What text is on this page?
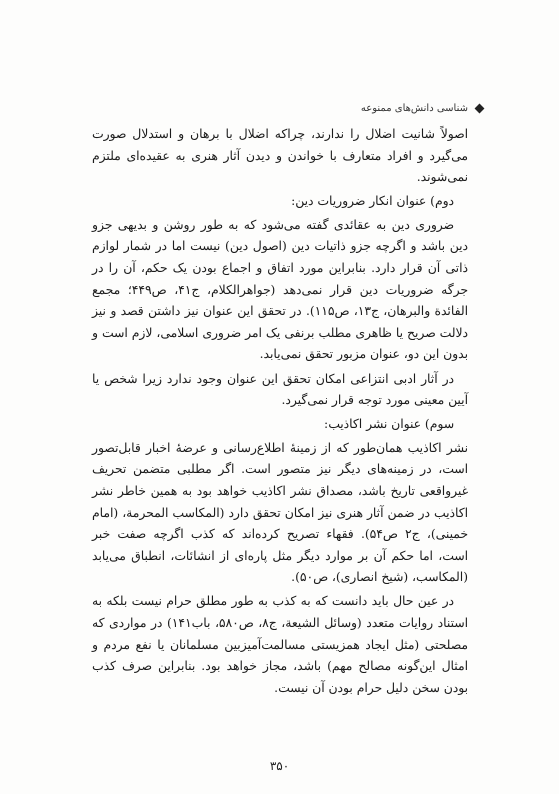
شناسی دانش‌های ممنوعه

اصولاً شانیت اضلال را ندارند، چراکه اضلال با برهان و استدلال صورت می‌گیرد و افراد متعارف با خواندن و دیدن آثار هنری به عقیده‌ای ملتزم نمی‌شوند.

دوم) عنوان انکار ضروریات دین:

ضروری دین به عقائدی گفته می‌شود که به طور روشن و بدیهی جزو دین باشد و اگرچه جزو ذاتیات دین (اصول دین) نیست اما در شمار لوازم ذاتی آن قرار دارد. بنابراین مورد اتفاق و اجماع بودن یک حکم، آن را در جرگه ضروریات دین قرار نمی‌دهد (جواهرالکلام، ج۴۱، ص۴۴۹؛ مجمع الفائدة والبرهان، ج۱۳، ص۱۱۵). در تحقق این عنوان نیز داشتن قصد و نیز دلالت صریح یا ظاهری مطلب برنفی یک امر ضروری اسلامی، لازم است و بدون این دو، عنوان مزبور تحقق نمی‌یابد.

در آثار ادبی انتزاعی امکان تحقق این عنوان وجود ندارد زیرا شخص یا آیین معینی مورد توجه قرار نمی‌گیرد.

سوم) عنوان نشر اکاذیب:

نشر اکاذیب همان‌طور که از زمینهٔ اطلاع‌رسانی و عرضهٔ اخبار قابل‌تصور است، در زمینه‌های دیگر نیز متصور است. اگر مطلبی متضمن تحریف غیرواقعی تاریخ باشد، مصداق نشر اکاذیب خواهد بود به همین خاطر نشر اکاذیب در ضمن آثار هنری نیز امکان تحقق دارد (المکاسب المحرمة، (امام خمینی)، ج۲ ص۵۴). فقهاء تصریح کرده‌اند که کذب اگرچه صفت خبر است، اما حکم آن بر موارد دیگر مثل پاره‌ای از انشائات، انطباق می‌یابد (المکاسب، (شیخ انصاری)، ص۵۰).

در عین حال باید دانست که به کذب به طور مطلق حرام نیست بلکه به استناد روایات متعدد (وسائل الشیعة، ج۸، ص۵۸۰، باب۱۴۱) در مواردی که مصلحتی (مثل ایجاد همزیستی مسالمت‌آمیزبین مسلمانان یا نفع مردم و امثال این‌گونه مصالح مهم) باشد، مجاز خواهد بود. بنابراین صرف کذب بودن سخن دلیل حرام بودن آن نیست.

۳۵۰
